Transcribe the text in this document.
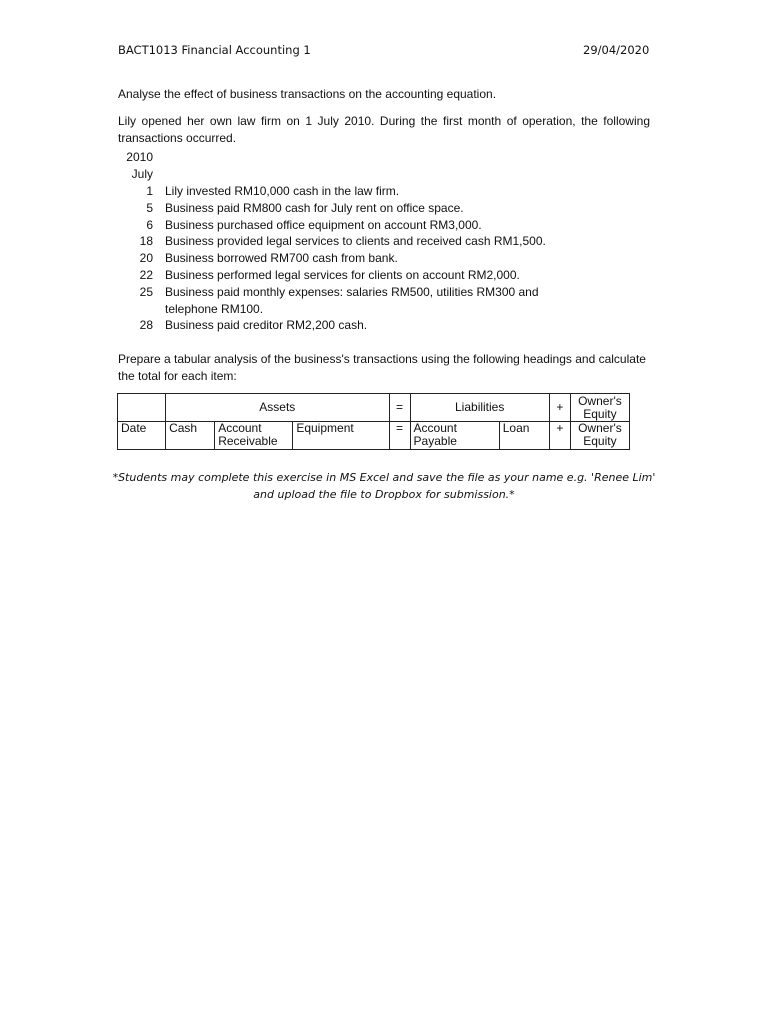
BACT1013 Financial Accounting 1	29/04/2020
Analyse the effect of business transactions on the accounting equation.
Lily opened her own law firm on 1 July 2010. During the first month of operation, the following transactions occurred.
2010
July
1 Lily invested RM10,000 cash in the law firm.
5 Business paid RM800 cash for July rent on office space.
6 Business purchased office equipment on account RM3,000.
18 Business provided legal services to clients and received cash RM1,500.
20 Business borrowed RM700 cash from bank.
22 Business performed legal services for clients on account RM2,000.
25 Business paid monthly expenses: salaries RM500, utilities RM300 and telephone RM100.
28 Business paid creditor RM2,200 cash.
Prepare a tabular analysis of the business's transactions using the following headings and calculate the total for each item:
	Assets			=	Liabilities		+	Owner's Equity
Date	Cash	Account Receivable	Equipment	=	Account Payable	Loan	+	Owner's Equity
*Students may complete this exercise in MS Excel and save the file as your name e.g. 'Renee Lim' and upload the file to Dropbox for submission.*
